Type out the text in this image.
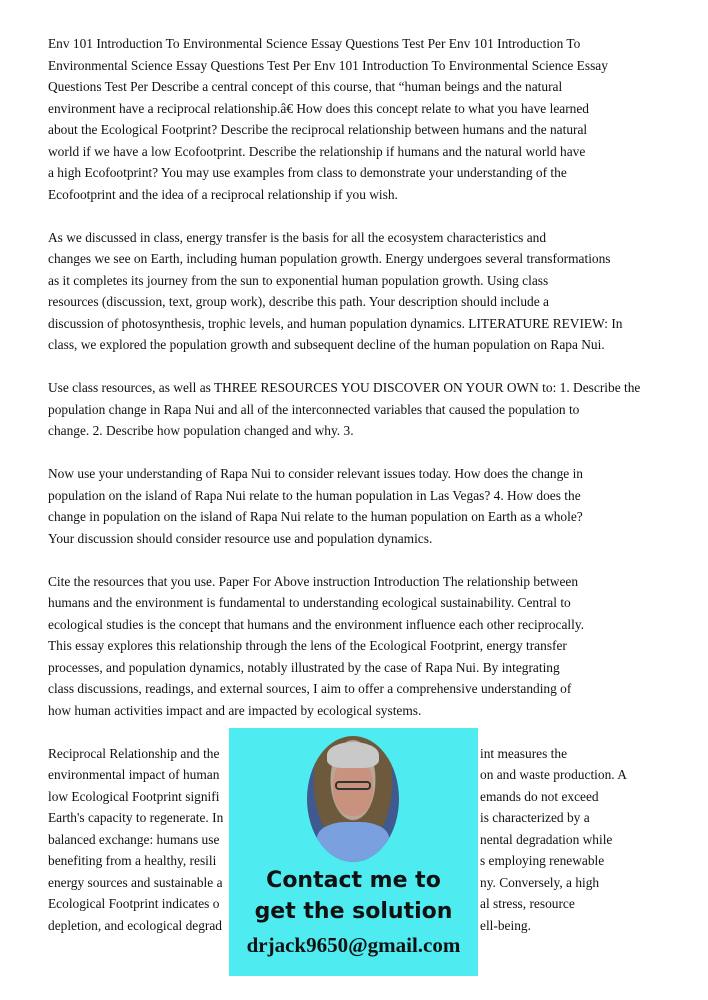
Env 101 Introduction To Environmental Science Essay Questions Test Per Env 101 Introduction To
Environmental Science Essay Questions Test Per Env 101 Introduction To Environmental Science Essay
Questions Test Per Describe a central concept of this course, that “human beings and the natural
environment have a reciprocal relationship.â€ How does this concept relate to what you have learned
about the Ecological Footprint? Describe the reciprocal relationship between humans and the natural
world if we have a low Ecofootprint. Describe the relationship if humans and the natural world have
a high Ecofootprint? You may use examples from class to demonstrate your understanding of the
Ecofootprint and the idea of a reciprocal relationship if you wish.
As we discussed in class, energy transfer is the basis for all the ecosystem characteristics and
changes we see on Earth, including human population growth. Energy undergoes several transformations
as it completes its journey from the sun to exponential human population growth. Using class
resources (discussion, text, group work), describe this path. Your description should include a
discussion of photosynthesis, trophic levels, and human population dynamics. LITERATURE REVIEW: In
class, we explored the population growth and subsequent decline of the human population on Rapa Nui.
Use class resources, as well as THREE RESOURCES YOU DISCOVER ON YOUR OWN to: 1. Describe the
population change in Rapa Nui and all of the interconnected variables that caused the population to
change. 2. Describe how population changed and why. 3.
Now use your understanding of Rapa Nui to consider relevant issues today. How does the change in
population on the island of Rapa Nui relate to the human population in Las Vegas? 4. How does the
change in population on the island of Rapa Nui relate to the human population on Earth as a whole?
Your discussion should consider resource use and population dynamics.
Cite the resources that you use. Paper For Above instruction Introduction The relationship between
humans and the environment is fundamental to understanding ecological sustainability. Central to
ecological studies is the concept that humans and the environment influence each other reciprocally.
This essay explores this relationship through the lens of the Ecological Footprint, energy transfer
processes, and population dynamics, notably illustrated by the case of Rapa Nui. By integrating
class discussions, readings, and external sources, I aim to offer a comprehensive understanding of
how human activities impact and are impacted by ecological systems.
Reciprocal Relationship and the	int measures the
environmental impact of human	on and waste production. A
low Ecological Footprint signifi	emands do not exceed
Earth's capacity to regenerate. In	is characterized by a
balanced exchange: humans use	nental degradation while
benefiting from a healthy, resili	s employing renewable
energy sources and sustainable a	ny. Conversely, a high
Ecological Footprint indicates o	al stress, resource
depletion, and ecological degrad	ell-being.
Contact me to
get the solution
drjack9650@gmail.com
